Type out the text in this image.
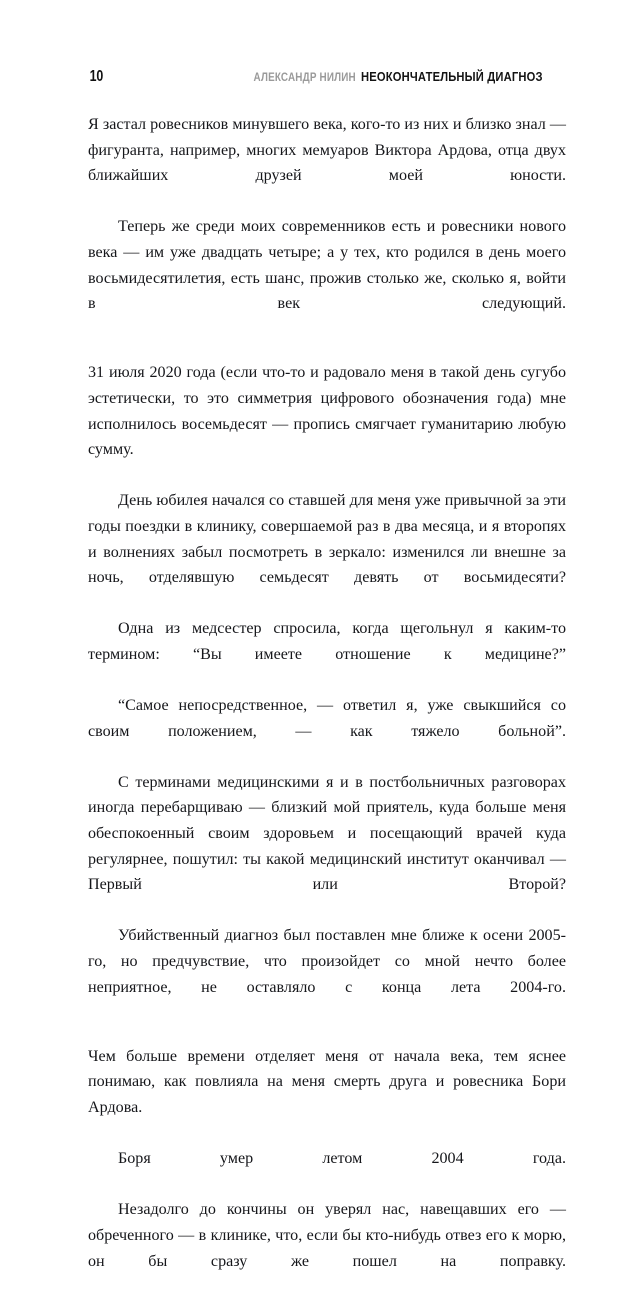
10	АЛЕКСАНДР НИЛИН НЕОКОНЧАТЕЛЬНЫЙ ДИАГНОЗ

Я застал ровесников минувшего века, кого-то из них и близко знал — фигуранта, например, многих мемуаров Виктора Ардова, отца двух ближайших друзей моей юности.

Теперь же среди моих современников есть и ровесники нового века — им уже двадцать четыре; а у тех, кто родился в день моего восьмидесятилетия, есть шанс, прожив столько же, сколько я, войти в век следующий.

31 июля 2020 года (если что-то и радовало меня в такой день сугубо эстетически, то это симметрия цифрового обозначения года) мне исполнилось восемьдесят — пропись смягчает гуманитарию любую сумму.

День юбилея начался со ставшей для меня уже привычной за эти годы поездки в клинику, совершаемой раз в два месяца, и я второпях и волнениях забыл посмотреть в зеркало: изменился ли внешне за ночь, отделявшую семьдесят девять от восьмидесяти?

Одна из медсестер спросила, когда щегольнул я каким-то термином: “Вы имеете отношение к медицине?”

“Самое непосредственное, — ответил я, уже свыкшийся со своим положением, — как тяжело больной”.

С терминами медицинскими я и в постбольничных разговорах иногда перебарщиваю — близкий мой приятель, куда больше меня обеспокоенный своим здоровьем и посещающий врачей куда регулярнее, пошутил: ты какой медицинский институт оканчивал — Первый или Второй?

Убийственный диагноз был поставлен мне ближе к осени 2005-го, но предчувствие, что произойдет со мной нечто более неприятное, не оставляло с конца лета 2004-го.

Чем больше времени отделяет меня от начала века, тем яснее понимаю, как повлияла на меня смерть друга и ровесника Бори Ардова.

Боря умер летом 2004 года.

Незадолго до кончины он уверял нас, навещавших его — обреченного — в клинике, что, если бы кто-нибудь отвез его к морю, он бы сразу же пошел на поправку.
